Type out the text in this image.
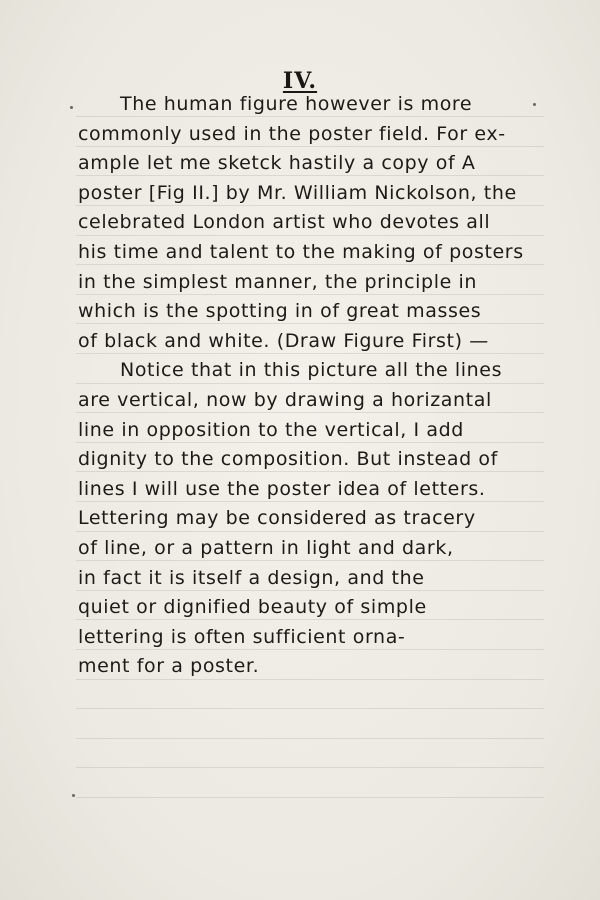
IV.
The human figure however is more
commonly used in the poster field. For ex-
ample let me sketck hastily a copy of A
poster [Fig II.] by Mr. William Nickolson, the
celebrated London artist who devotes all
his time and talent to the making of posters
in the simplest manner, the principle in
which is the spotting in of great masses
of black and white. (Draw Figure First) —
Notice that in this picture all the lines
are vertical, now by drawing a horizantal
line in opposition to the vertical, I add
dignity to the composition. But instead of
lines I will use the poster idea of letters.
Lettering may be considered as tracery
of line, or a pattern in light and dark,
in fact it is itself a design, and the
quiet or dignified beauty of simple
lettering is often sufficient orna-
ment for a poster.
